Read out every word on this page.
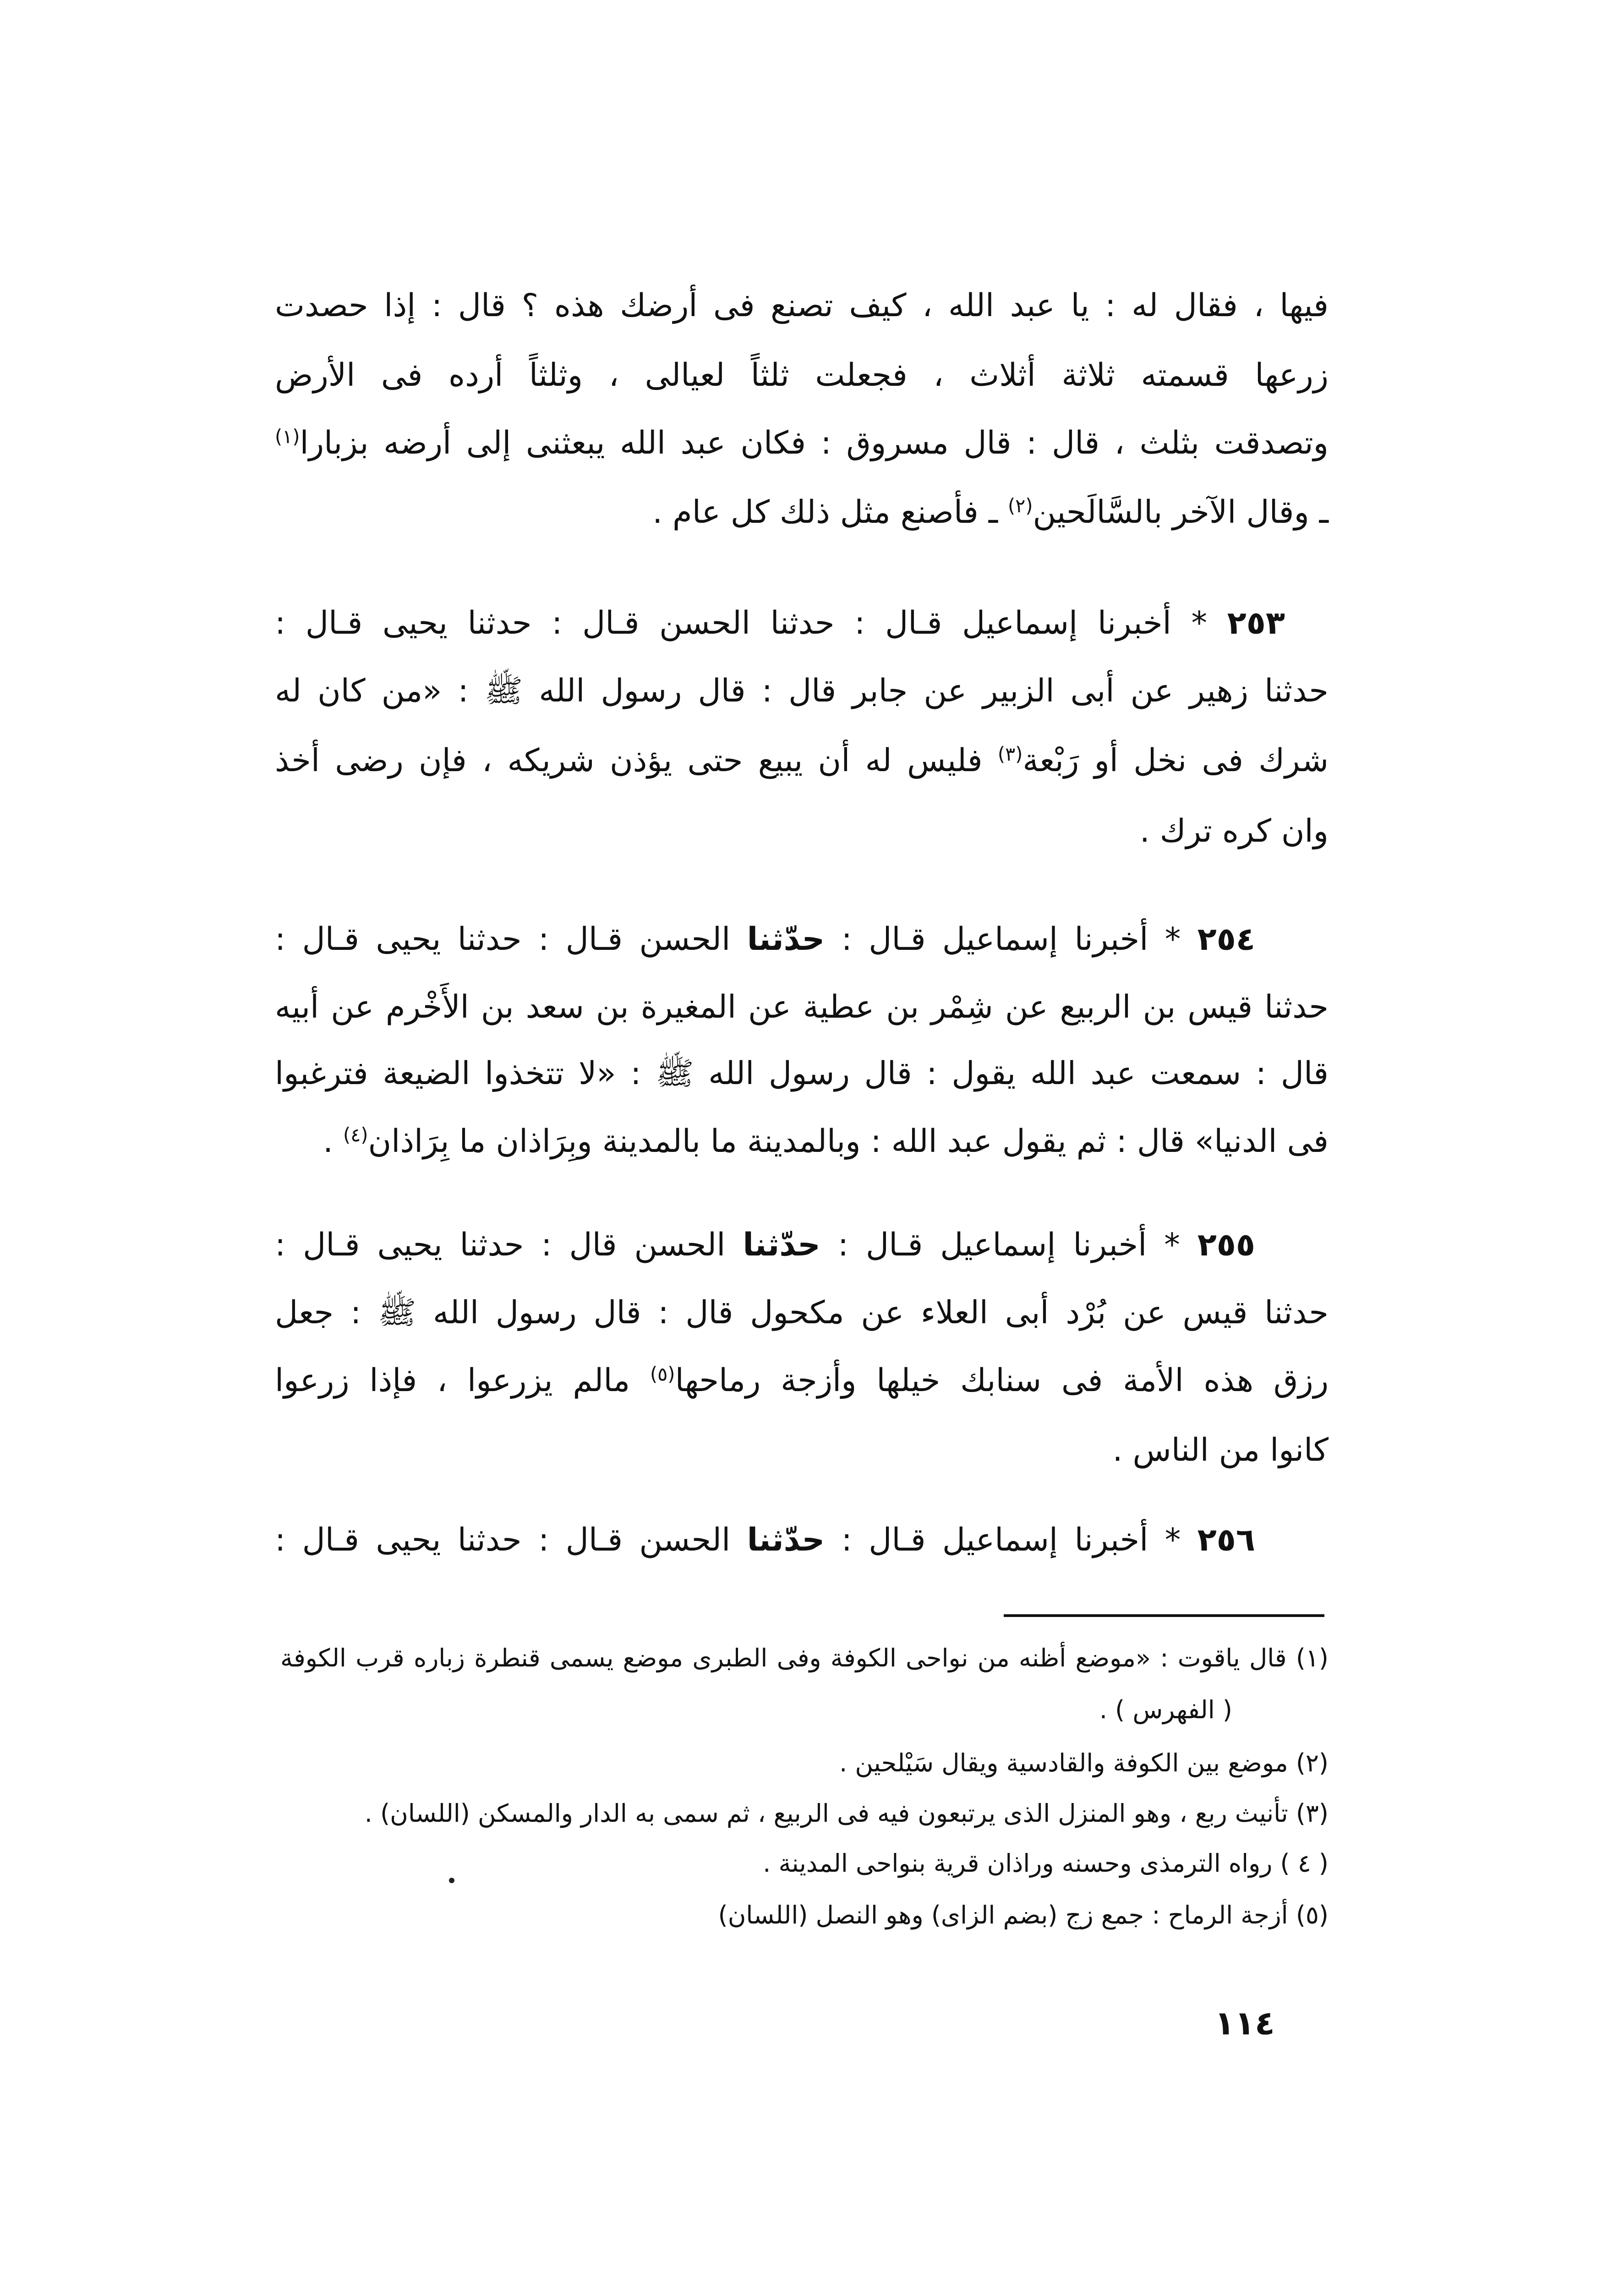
فيها ، فقال له : يا عبد الله ، كيف تصنع فى أرضك هذه ؟ قال : إذا حصدت
زرعها قسمته ثلاثة أثلاث ، فجعلت ثلثاً لعيالى ، وثلثاً أرده فى الأرض
وتصدقت بثلث ، قال : قال مسروق : فكان عبد الله يبعثنى إلى أرضه بزبارا$^{(١)}$
ـ وقال الآخر بالسَّالَحين$^{(٢)}$ ـ فأصنع مثل ذلك كل عام .
٢٥٣ * أخبرنا إسماعيل قـال : حدثنا الحسن قـال : حدثنا يحيى قـال :
حدثنا زهير عن أبى الزبير عن جابر قال : قال رسول الله ﷺ : «من كان له
شرك فى نخل أو رَبْعة$^{(٣)}$ فليس له أن يبيع حتى يؤذن شريكه ، فإن رضى أخذ
وان كره ترك .
٢٥٤ * أخبرنا إسماعيل قـال : حدّثنا الحسن قـال : حدثنا يحيى قـال :
حدثنا قيس بن الربيع عن شِمْر بن عطية عن المغيرة بن سعد بن الأَخْرم عن أبيه
قال : سمعت عبد الله يقول : قال رسول الله ﷺ : «لا تتخذوا الضيعة فترغبوا
فى الدنيا» قال : ثم يقول عبد الله : وبالمدينة ما بالمدينة وبِرَاذان ما بِرَاذان$^{(٤)}$ .
٢٥٥ * أخبرنا إسماعيل قـال : حدّثنا الحسن قال : حدثنا يحيى قـال :
حدثنا قيس عن بُرْد أبى العلاء عن مكحول قال : قال رسول الله ﷺ : جعل
رزق هذه الأمة فى سنابك خيلها وأزجة رماحها$^{(٥)}$ مالم يزرعوا ، فإذا زرعوا
كانوا من الناس .
٢٥٦ * أخبرنا إسماعيل قـال : حدّثنا الحسن قـال : حدثنا يحيى قـال :
(١) قال ياقوت : «موضع أظنه من نواحى الكوفة وفى الطبرى موضع يسمى قنطرة زباره قرب الكوفة
( الفهرس ) .
(٢) موضع بين الكوفة والقادسية ويقال سَيْلحين .
(٣) تأنيث ربع ، وهو المنزل الذى يرتبعون فيه فى الربيع ، ثم سمى به الدار والمسكن (اللسان) .
( ٤ ) رواه الترمذى وحسنه وراذان قرية بنواحى المدينة .
(٥) أزجة الرماح : جمع زج (بضم الزاى) وهو النصل (اللسان)
١١٤
